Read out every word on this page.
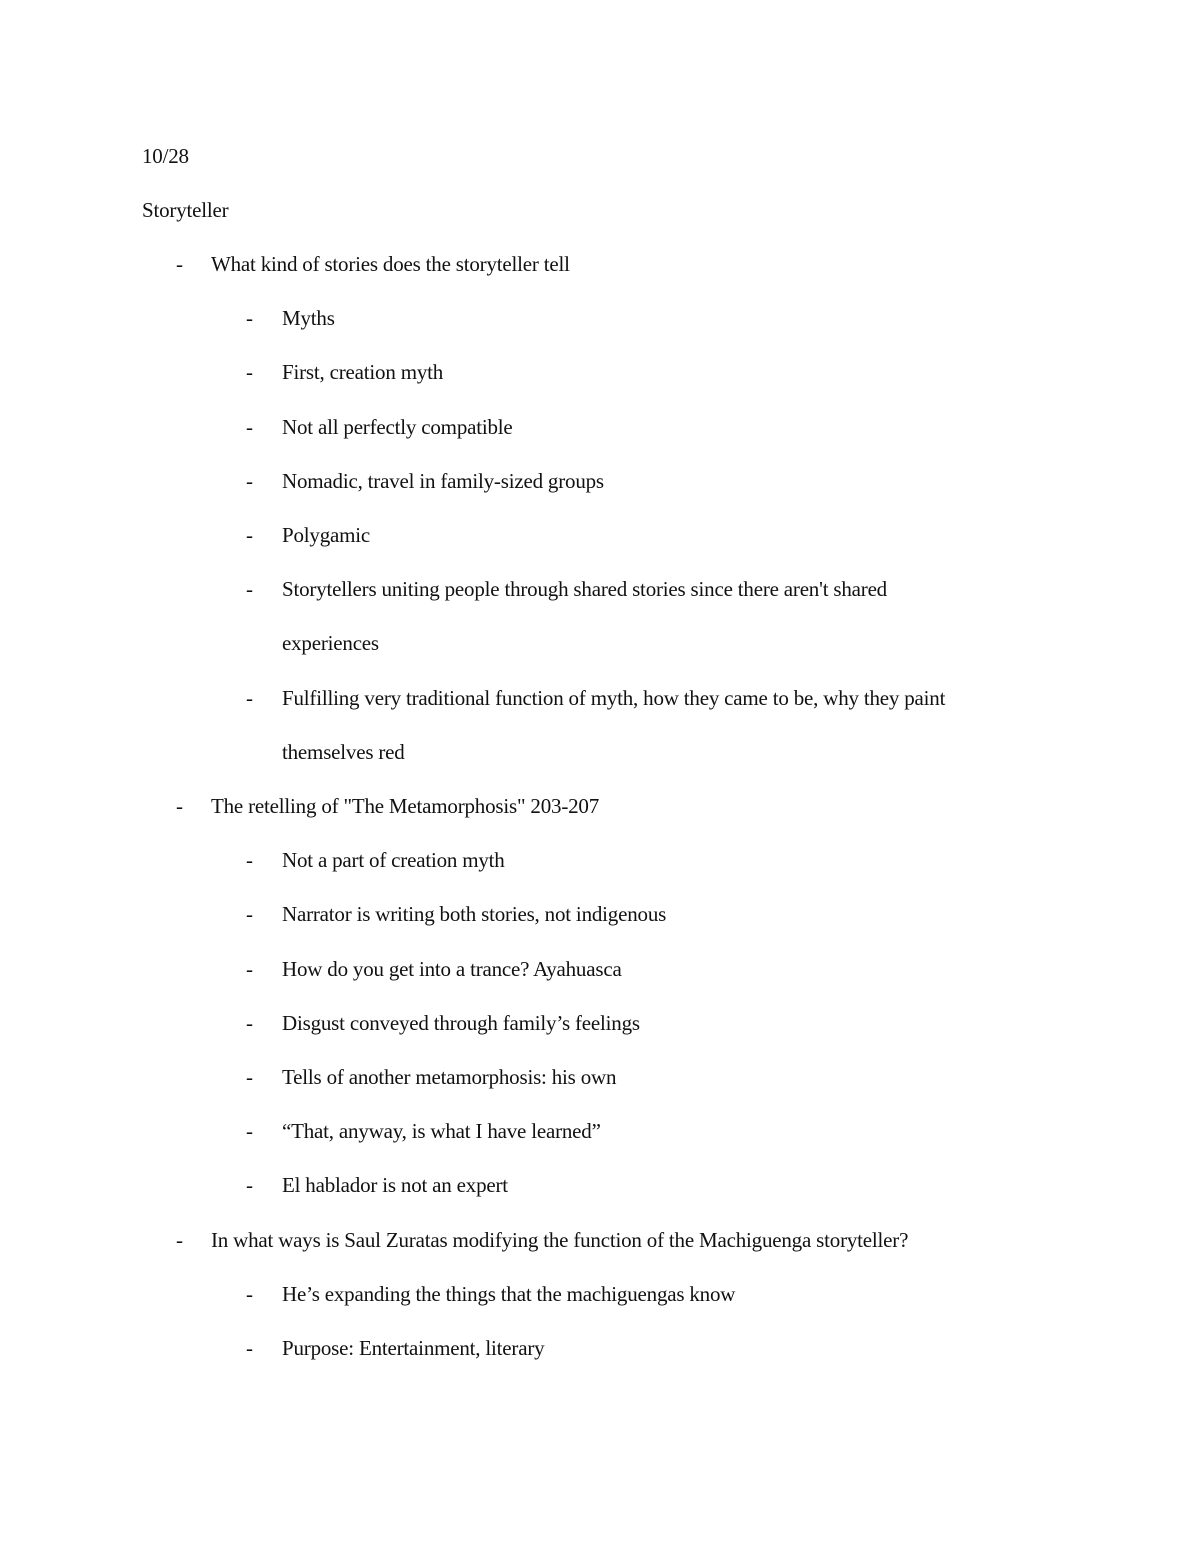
10/28
Storyteller
- What kind of stories does the storyteller tell
- Myths
- First, creation myth
- Not all perfectly compatible
- Nomadic, travel in family-sized groups
- Polygamic
- Storytellers uniting people through shared stories since there aren't shared
experiences
- Fulfilling very traditional function of myth, how they came to be, why they paint
themselves red
- The retelling of "The Metamorphosis" 203-207
- Not a part of creation myth
- Narrator is writing both stories, not indigenous
- How do you get into a trance? Ayahuasca
- Disgust conveyed through family’s feelings
- Tells of another metamorphosis: his own
- “That, anyway, is what I have learned”
- El hablador is not an expert
- In what ways is Saul Zuratas modifying the function of the Machiguenga storyteller?
- He’s expanding the things that the machiguengas know
- Purpose: Entertainment, literary
